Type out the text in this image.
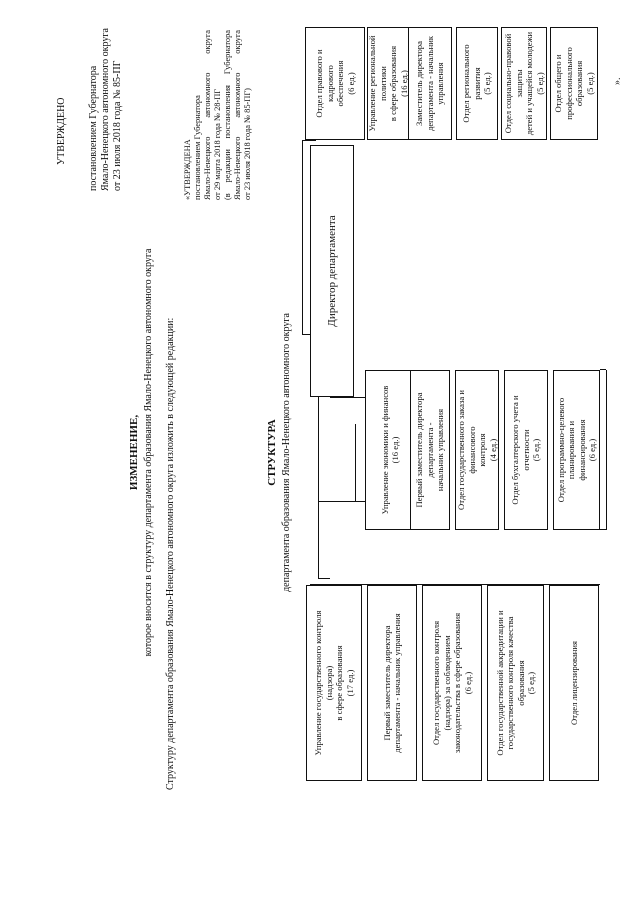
УТВЕРЖДЕНО постановлением Губернатора Ямало-Ненецкого автономного округа от 23 июля 2018 года № 85-ПГ
ИЗМЕНЕНИЕ, которое вносится в структуру департамента образования Ямало-Ненецкого автономного округа Структуру департамента образования Ямало-Ненецкого автономного округа изложить в следующей редакции:
«УТВЕРЖДЕНА постановлением Губернатора Ямало-Ненецкого
автономного
округа
от 29 марта 2018 года № 28-ПГ
(в
редакции
постановления
Губернатора
Ямало-Ненецкого
автономного
округа
от 23 июля 2018 года № 85-ПГ)
СТРУКТУРА департамента образования Ямало-Ненецкого автономного округа
Отдел правового и кадрового обеспечения (6 ед.)
Директор департамента
Управление государственного контроля (надзора) в сфере образования (17 ед.)	Первый заместитель директора департамента - начальник управления	Отдел государственного контроля (надзора) за соблюдением законодательства в сфере образования (6 ед.)	Отдел государственной аккредитации и государственного контроля качества образования (5 ед.)	Отдел лицензирования
Управление экономики и финансов (16 ед.) Первый заместитель директора департамента - начальник управления Отдел государственного заказа и финансового контроля (4 ед.) Отдел бухгалтерского учета и отчетности (5 ед.) Отдел программно-целевого планирования и финансирования (6 ед.)
Управление региональной политики в сфере образования (16 ед.) Заместитель директора департамента - начальник управления Отдел регионального развития (5 ед.) Отдел социально-правовой защиты детей и учащейся молодежи (5 ед.) Отдел общего и профессионального образования (5 ед.) ».
